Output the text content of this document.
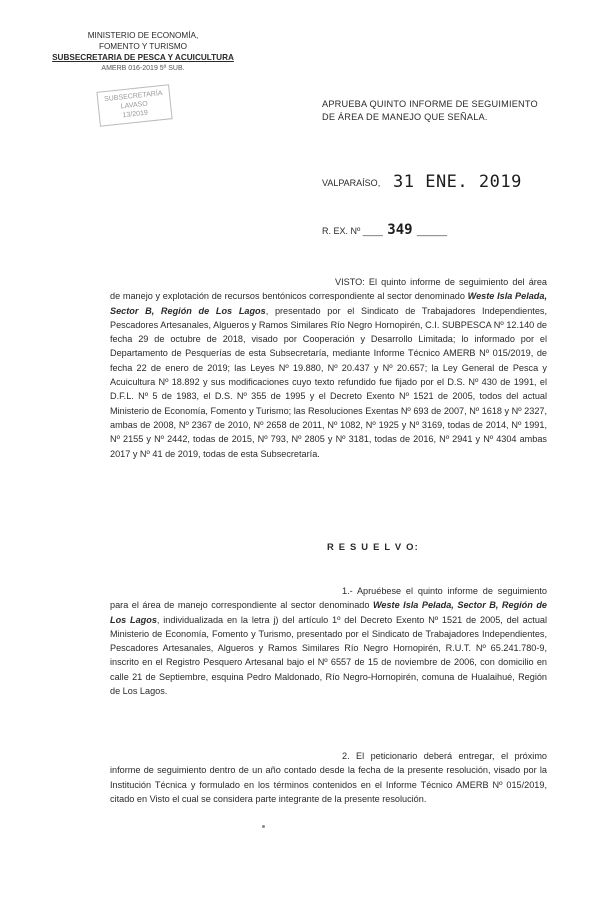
MINISTERIO DE ECONOMÍA,
FOMENTO Y TURISMO
SUBSECRETARIA DE PESCA Y ACUICULTURA
AMERB 016-2019 5ª SUB.
SUBSECRETARÍA
LAVASO
13/2019
APRUEBA QUINTO INFORME DE SEGUIMIENTO DE ÁREA DE MANEJO QUE SEÑALA.
VALPARAÍSO, 31 ENE. 2019
R. EX. Nº ____ 349 ______
VISTO: El quinto informe de seguimiento del área de manejo y explotación de recursos bentónicos correspondiente al sector denominado Weste Isla Pelada, Sector B, Región de Los Lagos, presentado por el Sindicato de Trabajadores Independientes, Pescadores Artesanales, Algueros y Ramos Similares Río Negro Hornopirén, C.I. SUBPESCA Nº 12.140 de fecha 29 de octubre de 2018, visado por Cooperación y Desarrollo Limitada; lo informado por el Departamento de Pesquerías de esta Subsecretaría, mediante Informe Técnico AMERB Nº 015/2019, de fecha 22 de enero de 2019; las Leyes Nº 19.880, Nº 20.437 y Nº 20.657; la Ley General de Pesca y Acuicultura Nº 18.892 y sus modificaciones cuyo texto refundido fue fijado por el D.S. Nº 430 de 1991, el D.F.L. Nº 5 de 1983, el D.S. Nº 355 de 1995 y el Decreto Exento Nº 1521 de 2005, todos del actual Ministerio de Economía, Fomento y Turismo; las Resoluciones Exentas Nº 693 de 2007, Nº 1618 y Nº 2327, ambas de 2008, Nº 2367 de 2010, Nº 2658 de 2011, Nº 1082, Nº 1925 y Nº 3169, todas de 2014, Nº 1991, Nº 2155 y Nº 2442, todas de 2015, Nº 793, Nº 2805 y Nº 3181, todas de 2016, Nº 2941 y Nº 4304 ambas 2017 y Nº 41 de 2019, todas de esta Subsecretaría.
R E S U E L V O:
1.- Apruébese el quinto informe de seguimiento para el área de manejo correspondiente al sector denominado Weste Isla Pelada, Sector B, Región de Los Lagos, individualizada en la letra j) del artículo 1º del Decreto Exento Nº 1521 de 2005, del actual Ministerio de Economía, Fomento y Turismo, presentado por el Sindicato de Trabajadores Independientes, Pescadores Artesanales, Algueros y Ramos Similares Río Negro Hornopirén, R.U.T. Nº 65.241.780-9, inscrito en el Registro Pesquero Artesanal bajo el Nº 6557 de 15 de noviembre de 2006, con domicilio en calle 21 de Septiembre, esquina Pedro Maldonado, Río Negro-Hornopirén, comuna de Hualaihué, Región de Los Lagos.
2. El peticionario deberá entregar, el próximo informe de seguimiento dentro de un año contado desde la fecha de la presente resolución, visado por la Institución Técnica y formulado en los términos contenidos en el Informe Técnico AMERB Nº 015/2019, citado en Visto el cual se considera parte integrante de la presente resolución.
